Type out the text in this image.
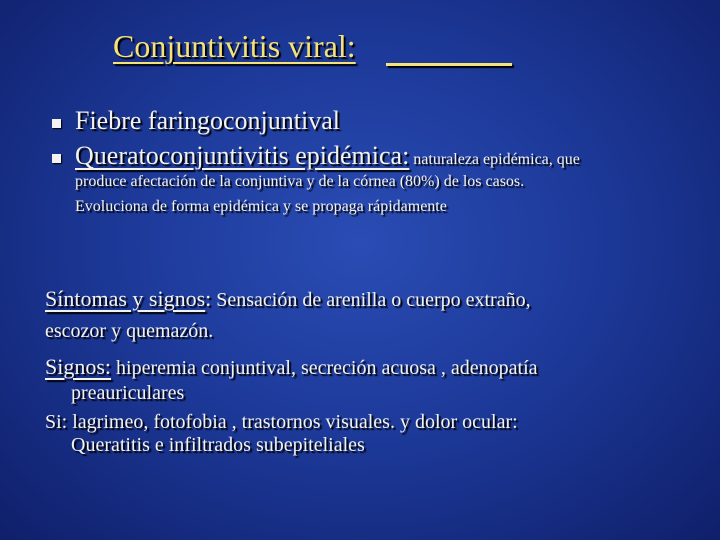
Conjuntivitis viral:
Fiebre faringoconjuntival
Queratoconjuntivitis epidémica: naturaleza epidémica, que
produce afectación de la conjuntiva y de la córnea (80%) de los casos.
Evoluciona de forma epidémica y se propaga rápidamente
Síntomas y signos: Sensación de arenilla o cuerpo extraño,
escozor y quemazón.
Signos: hiperemia conjuntival, secreción acuosa , adenopatía
preauriculares
Si: lagrimeo, fotofobia , trastornos visuales. y dolor ocular:
Queratitis e infiltrados subepiteliales
